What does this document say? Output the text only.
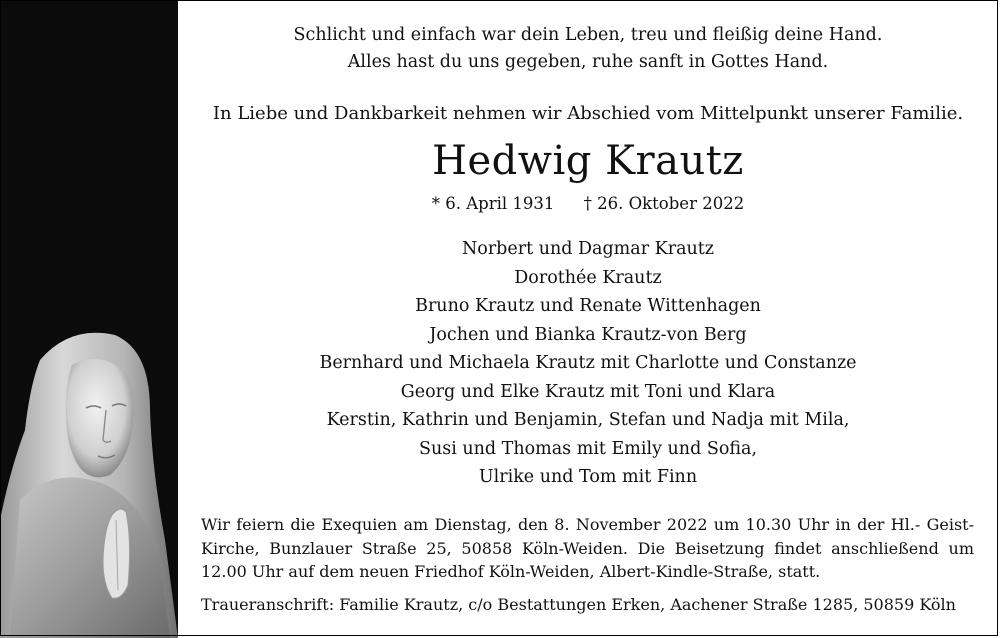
Schlicht und einfach war dein Leben, treu und fleißig deine Hand.
Alles hast du uns gegeben, ruhe sanft in Gottes Hand.
In Liebe und Dankbarkeit nehmen wir Abschied vom Mittelpunkt unserer Familie.
Hedwig Krautz
* 6. April 1931 † 26. Oktober 2022
Norbert und Dagmar Krautz
Dorothée Krautz
Bruno Krautz und Renate Wittenhagen
Jochen und Bianka Krautz-von Berg
Bernhard und Michaela Krautz mit Charlotte und Constanze
Georg und Elke Krautz mit Toni und Klara
Kerstin, Kathrin und Benjamin, Stefan und Nadja mit Mila,
Susi und Thomas mit Emily und Sofia,
Ulrike und Tom mit Finn
Wir feiern die Exequien am Dienstag, den 8. November 2022 um 10.30 Uhr in der Hl.- Geist-Kirche, Bunzlauer Straße 25, 50858 Köln-Weiden. Die Beisetzung findet anschließend um 12.00 Uhr auf dem neuen Friedhof Köln-Weiden, Albert-Kindle-Straße, statt.
Traueranschrift: Familie Krautz, c/o Bestattungen Erken, Aachener Straße 1285, 50859 Köln
